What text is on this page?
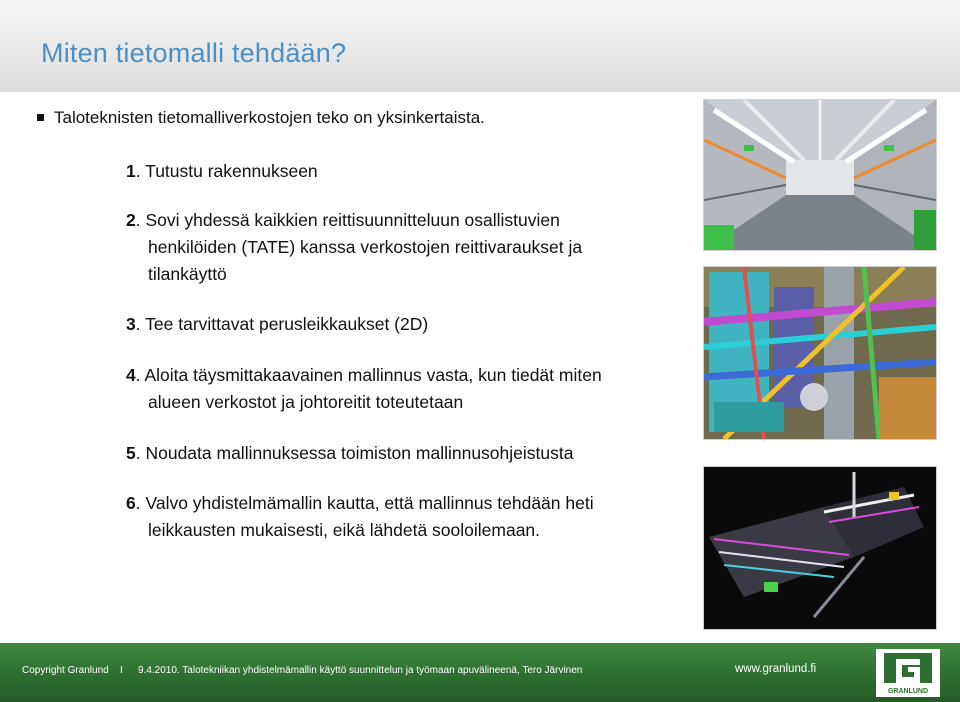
Miten tietomalli tehdään?
Taloteknisten tietomalliverkostojen teko on yksinkertaista.
1. Tutustu rakennukseen
2. Sovi yhdessä kaikkien reittisuunnitteluun osallistuvien
henkilöiden (TATE) kanssa verkostojen reittivaraukset ja
tilankäyttö
3. Tee tarvittavat perusleikkaukset (2D)
4. Aloita täysmittakaavainen mallinnus vasta, kun tiedät miten
alueen verkostot ja johtoreitit toteutetaan
5. Noudata mallinnuksessa toimiston mallinnusohjeistusta
6. Valvo yhdistelmämallin kautta, että mallinnus tehdään heti
leikkausten mukaisesti, eikä lähdetä sooloilemaan.
Copyright Granlund I 9.4.2010. Talotekniikan yhdistelmämallin käyttö suunnittelun ja työmaan apuvälineenä, Tero Järvinen	www.granlund.fi
GRANLUND
